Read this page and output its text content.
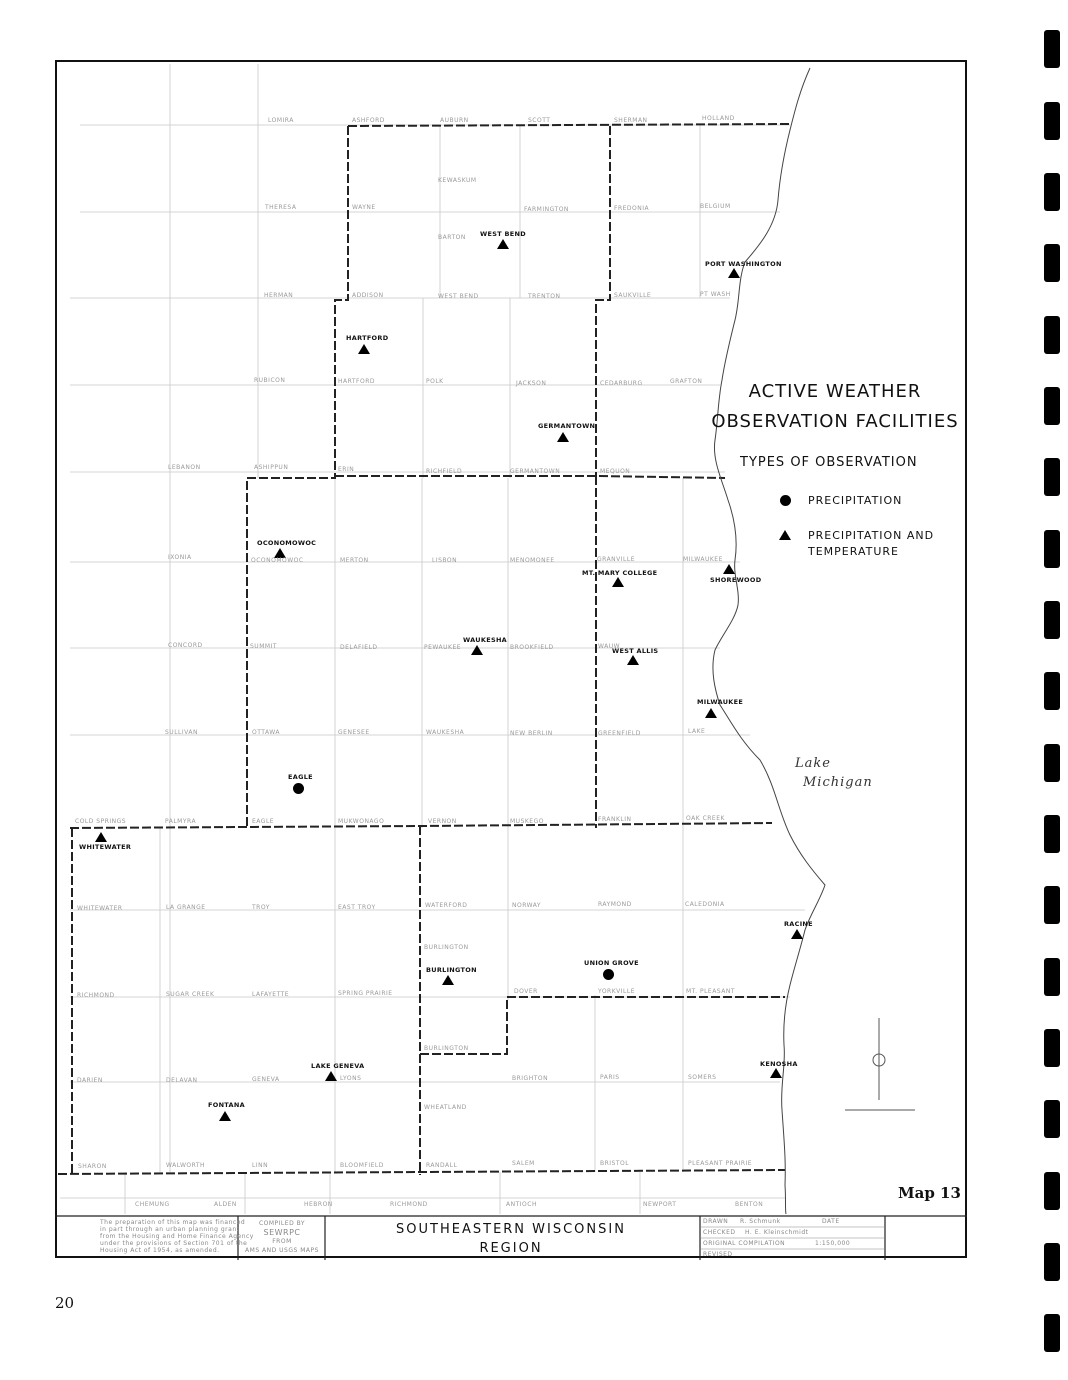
ACTIVE WEATHER
OBSERVATION FACILITIES
TYPES OF OBSERVATION
PRECIPITATION
PRECIPITATION AND
TEMPERATURE
Lake
Michigan
WEST BEND
PORT WASHINGTON
HARTFORD
GERMANTOWN
OCONOMOWOC
MT. MARY COLLEGE
SHOREWOOD
WAUKESHA
WEST ALLIS
MILWAUKEE
EAGLE
WHITEWATER
RACINE
UNION GROVE
BURLINGTON
LAKE GENEVA	KENOSHA
FONTANA
LOMIRA	ASHFORD	AUBURN	SCOTT	SHERMAN	HOLLAND
KEWASKUM
THERESA	WAYNE	FARMINGTON	FREDONIA	BELGIUM
BARTON
HERMAN	ADDISON	WEST BEND	TRENTON	SAUKVILLE	PT WASH
RUBICON	HARTFORD	POLK	JACKSON	CEDARBURG	GRAFTON
LEBANON	ASHIPPUN	ERIN	RICHFIELD	GERMANTOWN	MEQUON
IXONIA	OCONOMOWOC	MERTON	LISBON	MENOMONEE	GRANVILLE	MILWAUKEE
CONCORD	SUMMIT	DELAFIELD	PEWAUKEE	BROOKFIELD	WAUW
SULLIVAN	OTTAWA	GENESEE	WAUKESHA	NEW BERLIN	GREENFIELD	LAKE
COLD SPRINGS	PALMYRA	EAGLE	MUKWONAGO	VERNON	MUSKEGO	FRANKLIN	OAK CREEK
WHITEWATER	LA GRANGE	TROY	EAST TROY	WATERFORD	NORWAY	RAYMOND	CALEDONIA
BURLINGTON
RICHMOND	SUGAR CREEK	LAFAYETTE	SPRING PRAIRIE	DOVER	YORKVILLE	MT. PLEASANT
BURLINGTON
DARIEN	DELAVAN	GENEVA	LYONS	BRIGHTON	PARIS	SOMERS
WHEATLAND
SHARON	WALWORTH	LINN	BLOOMFIELD	RANDALL	SALEM	BRISTOL	PLEASANT PRAIRIE
CHEMUNG	ALDEN	HEBRON	RICHMOND	ANTIOCH	NEWPORT	BENTON
Map 13
The preparation of this map was financed
in part through an urban planning grant
from the Housing and Home Finance Agency
under the provisions of Section 701 of the
Housing Act of 1954, as amended.
COMPILED BY
SEWRPC
FROM
AMS AND USGS MAPS
SOUTHEASTERN WISCONSIN
REGION
DRAWN R. Schmunk	DATE
CHECKED H. E. Kleinschmidt
ORIGINAL COMPILATION	1:150,000
REVISED
20
